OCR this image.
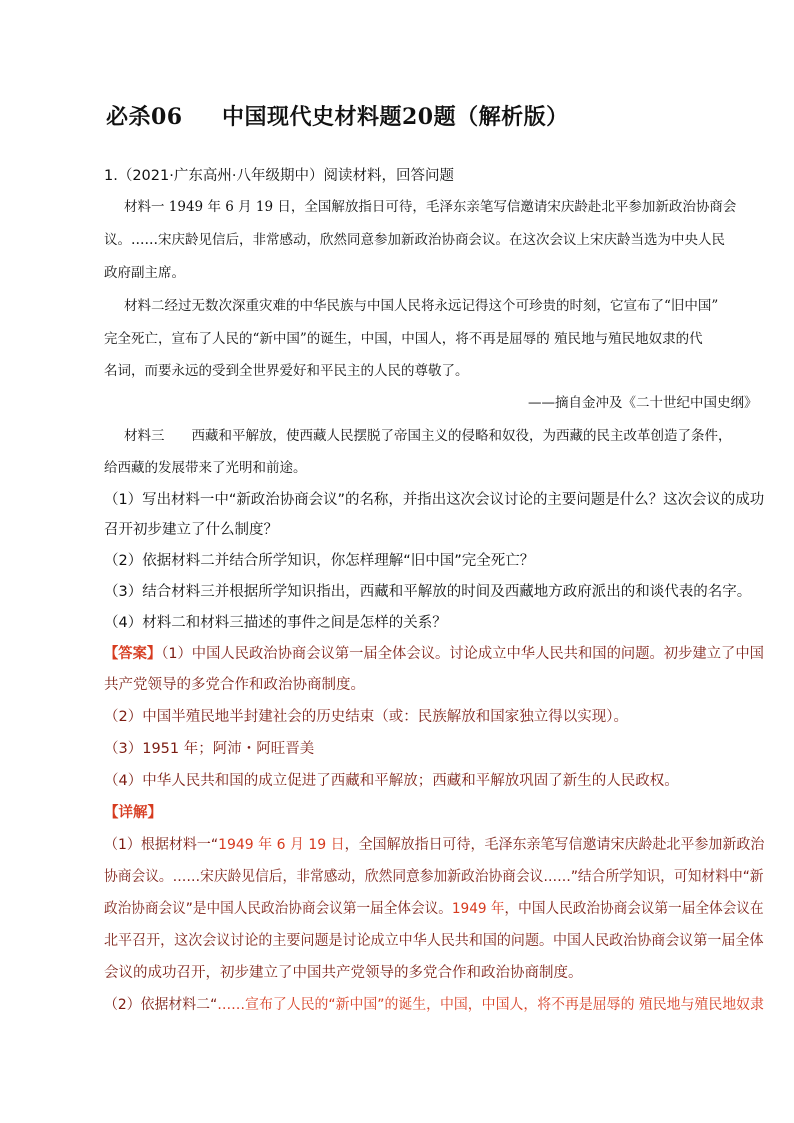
必杀06 中国现代史材料题20题（解析版）
1.（2021·广东高州·八年级期中）阅读材料，回答问题
材料一 1949 年 6 月 19 日，全国解放指日可待，毛泽东亲笔写信邀请宋庆龄赴北平参加新政治协商会
议。……宋庆龄见信后，非常感动，欣然同意参加新政治协商会议。在这次会议上宋庆龄当选为中央人民
政府副主席。
材料二经过无数次深重灾难的中华民族与中国人民将永远记得这个可珍贵的时刻，它宣布了“旧中国”
完全死亡，宣布了人民的“新中国”的诞生，中国，中国人，将不再是屈辱的 殖民地与殖民地奴隶的代
名词，而要永远的受到全世界爱好和平民主的人民的尊敬了。
——摘自金冲及《二十世纪中国史纲》
材料三　　西藏和平解放，使西藏人民摆脱了帝国主义的侵略和奴役，为西藏的民主改革创造了条件，
给西藏的发展带来了光明和前途。
（1）写出材料一中“新政治协商会议”的名称，并指出这次会议讨论的主要问题是什么？这次会议的成功
召开初步建立了什么制度？
（2）依据材料二并结合所学知识，你怎样理解“旧中国”完全死亡？
（3）结合材料三并根据所学知识指出，西藏和平解放的时间及西藏地方政府派出的和谈代表的名字。
（4）材料二和材料三描述的事件之间是怎样的关系？
【答案】（1）中国人民政治协商会议第一届全体会议。讨论成立中华人民共和国的问题。初步建立了中国
共产党领导的多党合作和政治协商制度。
（2）中国半殖民地半封建社会的历史结束（或：民族解放和国家独立得以实现）。
（3）1951 年；阿沛・阿旺晋美
（4）中华人民共和国的成立促进了西藏和平解放；西藏和平解放巩固了新生的人民政权。
【详解】
（1）根据材料一“1949 年 6 月 19 日，全国解放指日可待，毛泽东亲笔写信邀请宋庆龄赴北平参加新政治
协商会议。……宋庆龄见信后，非常感动，欣然同意参加新政治协商会议……”结合所学知识，可知材料中“新
政治协商会议”是中国人民政治协商会议第一届全体会议。1949 年，中国人民政治协商会议第一届全体会议在
北平召开，这次会议讨论的主要问题是讨论成立中华人民共和国的问题。中国人民政治协商会议第一届全体
会议的成功召开，初步建立了中国共产党领导的多党合作和政治协商制度。
（2）依据材料二“……宣布了人民的“新中国”的诞生，中国，中国人，将不再是屈辱的 殖民地与殖民地奴隶
